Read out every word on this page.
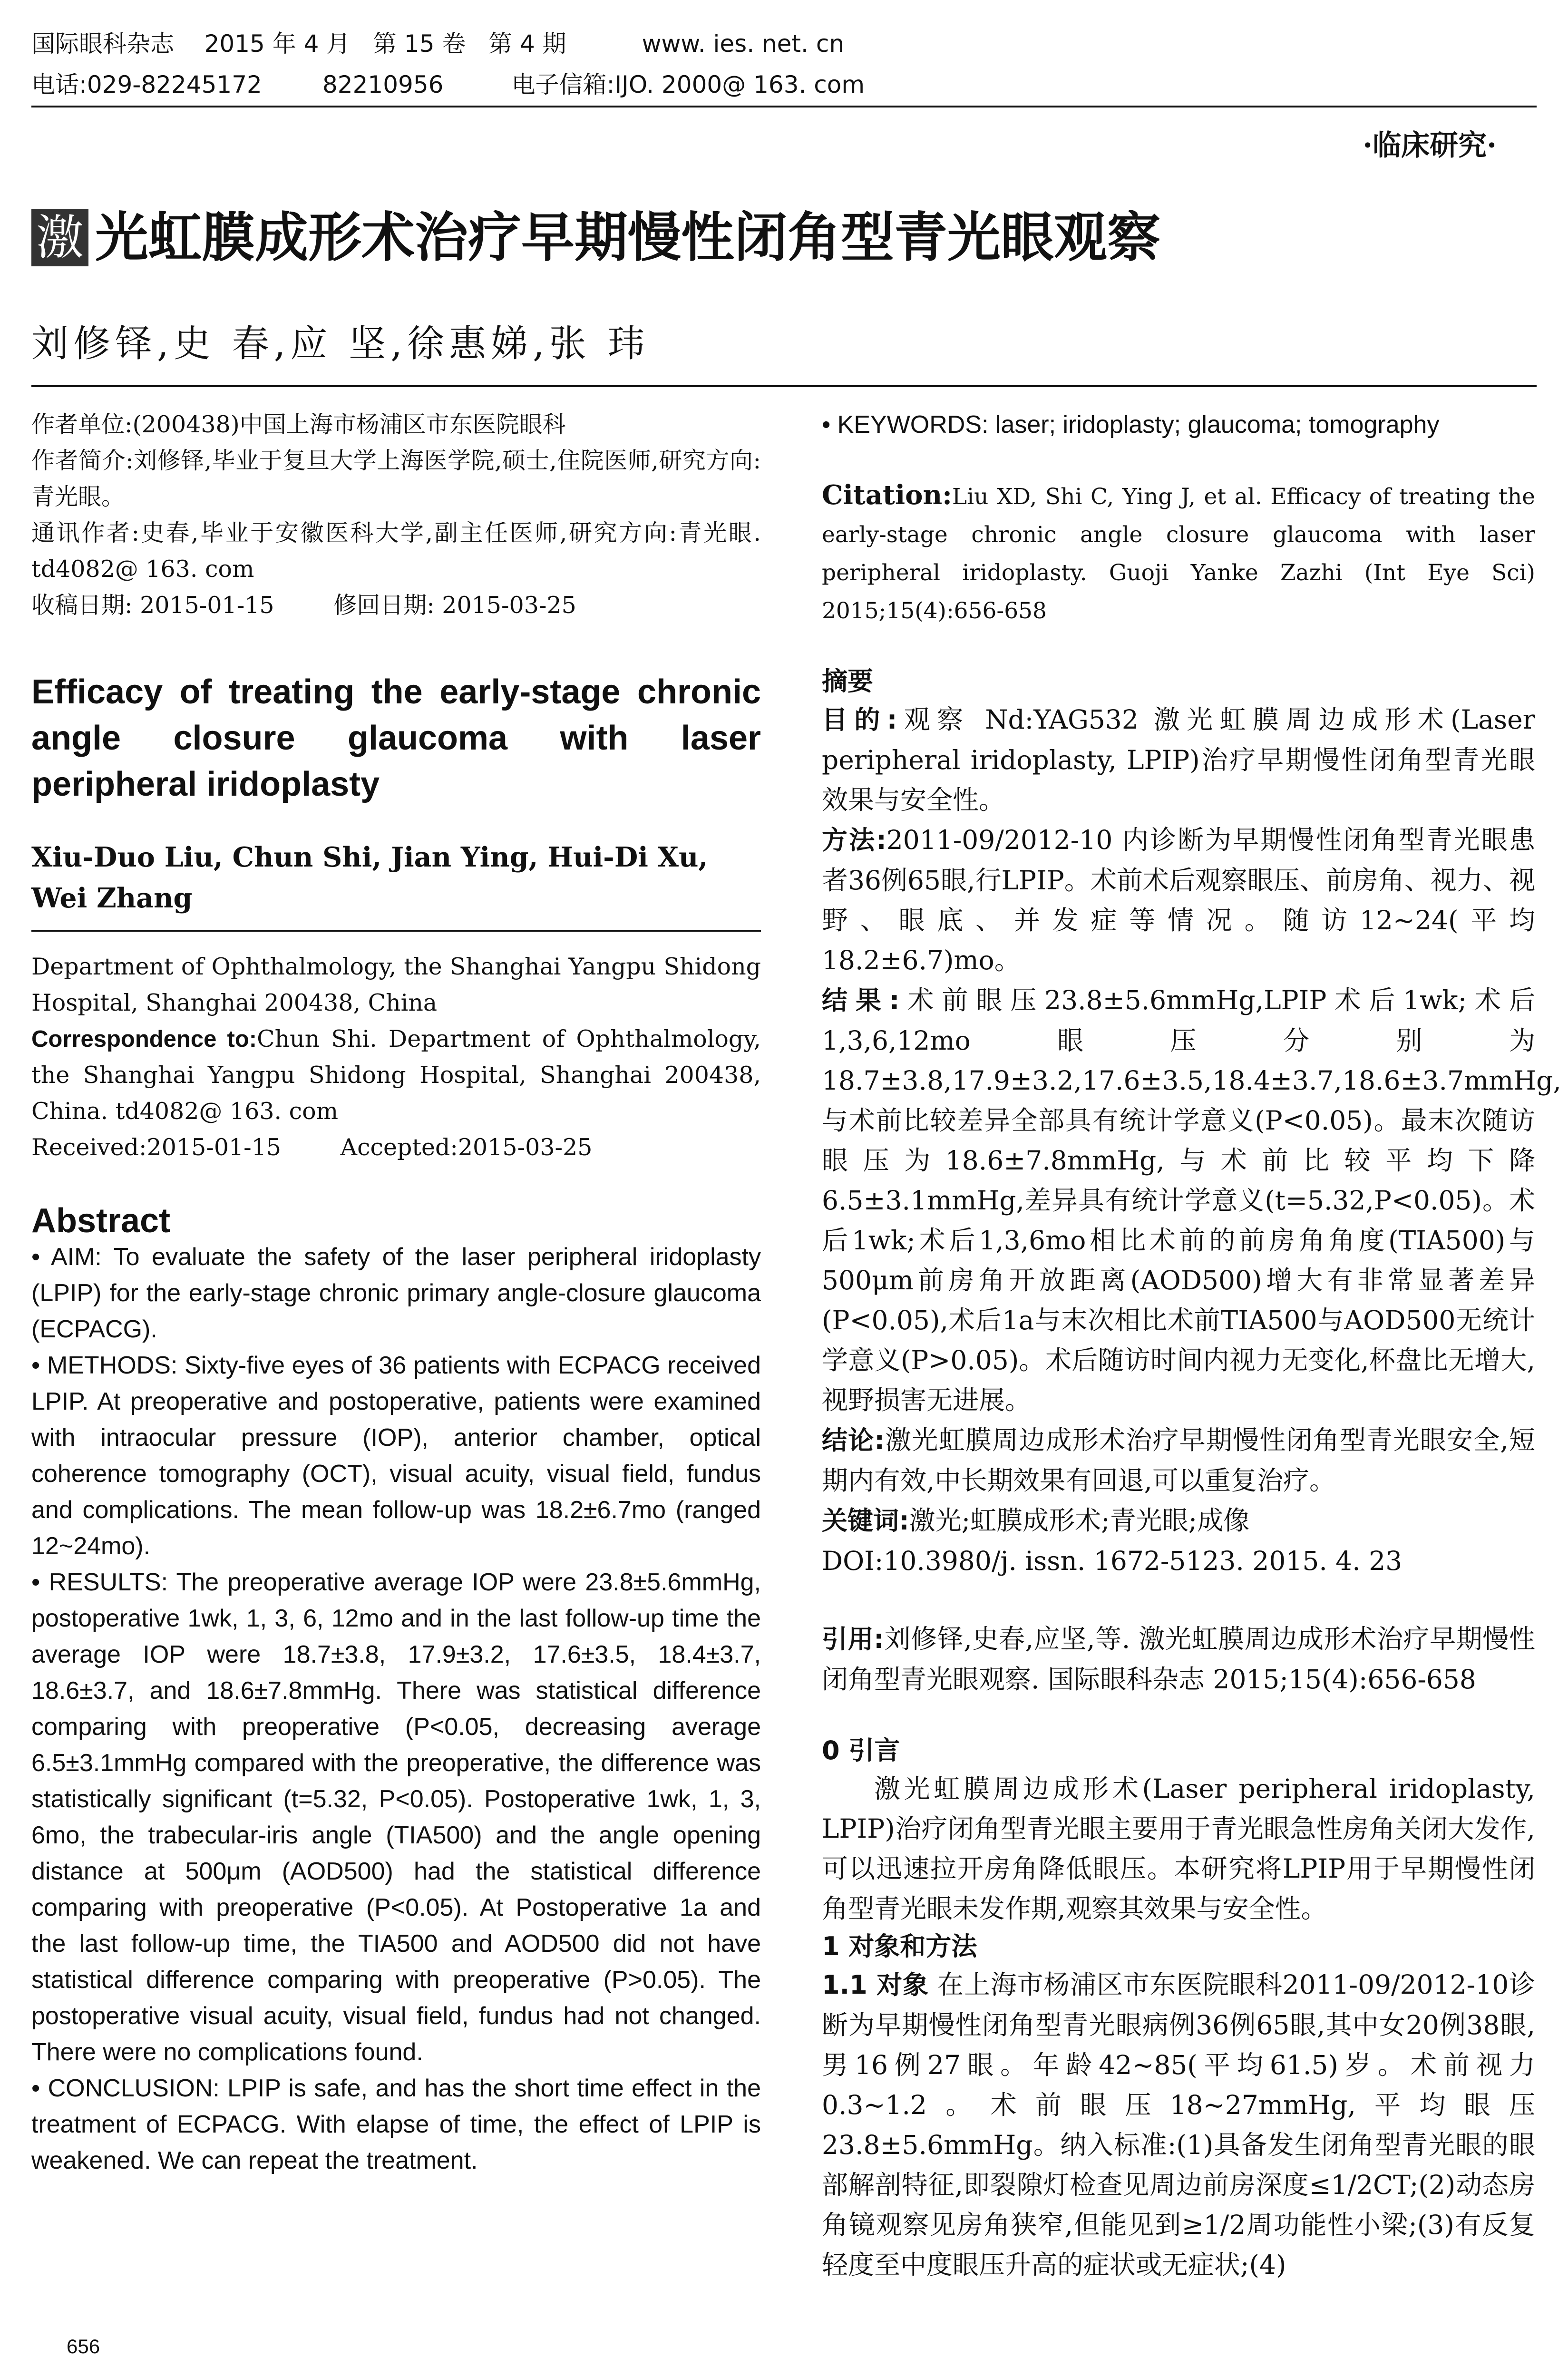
国际眼科杂志    2015 年 4 月   第 15 卷   第 4 期          www. ies. net. cn
电话:029-82245172        82210956         电子信箱:IJO. 2000@ 163. com
·临床研究·
激 光虹膜成形术治疗早期慢性闭角型青光眼观察
刘修铎,史 春,应 坚,徐惠娣,张 玮

作者单位:(200438)中国上海市杨浦区市东医院眼科

作者简介:刘修铎,毕业于复旦大学上海医学院,硕士,住院医师,研究方向:青光眼。

通讯作者:史春,毕业于安徽医科大学,副主任医师,研究方向:青光眼. td4082@ 163. com

收稿日期: 2015-01-15        修回日期: 2015-03-25

Efficacy of treating the early-stage chronic angle closure glaucoma with laser peripheral iridoplasty

Xiu-Duo Liu, Chun Shi, Jian Ying, Hui-Di Xu, Wei Zhang

Department of Ophthalmology, the Shanghai Yangpu Shidong Hospital, Shanghai 200438, China

Correspondence to:Chun Shi. Department of Ophthalmology, the Shanghai Yangpu Shidong Hospital, Shanghai 200438, China. td4082@ 163. com

Received:2015-01-15        Accepted:2015-03-25

Abstract

• AIM: To evaluate the safety of the laser peripheral iridoplasty (LPIP) for the early-stage chronic primary angle-closure glaucoma (ECPACG).

• METHODS: Sixty-five eyes of 36 patients with ECPACG received LPIP. At preoperative and postoperative, patients were examined with intraocular pressure (IOP), anterior chamber, optical coherence tomography (OCT), visual acuity, visual field, fundus and complications. The mean follow-up was 18.2±6.7mo (ranged 12~24mo).

• RESULTS: The preoperative average IOP were 23.8±5.6mmHg, postoperative 1wk, 1, 3, 6, 12mo and in the last follow-up time the average IOP were 18.7±3.8, 17.9±3.2, 17.6±3.5, 18.4±3.7, 18.6±3.7, and 18.6±7.8mmHg. There was statistical difference comparing with preoperative (P<0.05, decreasing average 6.5±3.1mmHg compared with the preoperative, the difference was statistically significant (t=5.32, P<0.05). Postoperative 1wk, 1, 3, 6mo, the trabecular-iris angle (TIA500) and the angle opening distance at 500μm (AOD500) had the statistical difference comparing with preoperative (P<0.05). At Postoperative 1a and the last follow-up time, the TIA500 and AOD500 did not have statistical difference comparing with preoperative (P>0.05). The postoperative visual acuity, visual field, fundus had not changed. There were no complications found.

• CONCLUSION: LPIP is safe, and has the short time effect in the treatment of ECPACG. With elapse of time, the effect of LPIP is weakened. We can repeat the treatment.

• KEYWORDS: laser; iridoplasty; glaucoma; tomography

Citation:Liu XD, Shi C, Ying J, et al. Efficacy of treating the early-stage chronic angle closure glaucoma with laser peripheral iridoplasty. Guoji Yanke Zazhi (Int Eye Sci) 2015;15(4):656-658

摘要

目的:观察 Nd:YAG532 激光虹膜周边成形术(Laser peripheral iridoplasty, LPIP)治疗早期慢性闭角型青光眼效果与安全性。

方法:2011-09/2012-10 内诊断为早期慢性闭角型青光眼患者36例65眼,行LPIP。术前术后观察眼压、前房角、视力、视野、眼底、并发症等情况。随访12~24(平均18.2±6.7)mo。

结果:术前眼压23.8±5.6mmHg,LPIP术后1wk;术后1,3,6,12mo眼压分别为18.7±3.8,17.9±3.2,17.6±3.5,18.4±3.7,18.6±3.7mmHg,与术前比较差异全部具有统计学意义(P<0.05)。最末次随访眼压为18.6±7.8mmHg,与术前比较平均下降6.5±3.1mmHg,差异具有统计学意义(t=5.32,P<0.05)。术后1wk;术后1,3,6mo相比术前的前房角角度(TIA500)与500μm前房角开放距离(AOD500)增大有非常显著差异(P<0.05),术后1a与末次相比术前TIA500与AOD500无统计学意义(P>0.05)。术后随访时间内视力无变化,杯盘比无增大,视野损害无进展。

结论:激光虹膜周边成形术治疗早期慢性闭角型青光眼安全,短期内有效,中长期效果有回退,可以重复治疗。

关键词:激光;虹膜成形术;青光眼;成像

DOI:10.3980/j. issn. 1672-5123. 2015. 4. 23

引用:刘修铎,史春,应坚,等. 激光虹膜周边成形术治疗早期慢性闭角型青光眼观察. 国际眼科杂志 2015;15(4):656-658

0 引言

激光虹膜周边成形术(Laser peripheral iridoplasty, LPIP)治疗闭角型青光眼主要用于青光眼急性房角关闭大发作,可以迅速拉开房角降低眼压。本研究将LPIP用于早期慢性闭角型青光眼未发作期,观察其效果与安全性。

1 对象和方法

1.1 对象 在上海市杨浦区市东医院眼科2011-09/2012-10诊断为早期慢性闭角型青光眼病例36例65眼,其中女20例38眼,男16例27眼。年龄42~85(平均61.5)岁。术前视力0.3~1.2。术前眼压18~27mmHg,平均眼压23.8±5.6mmHg。纳入标准:(1)具备发生闭角型青光眼的眼部解剖特征,即裂隙灯检查见周边前房深度≤1/2CT;(2)动态房角镜观察见房角狭窄,但能见到≥1/2周功能性小梁;(3)有反复轻度至中度眼压升高的症状或无症状;(4)

656
